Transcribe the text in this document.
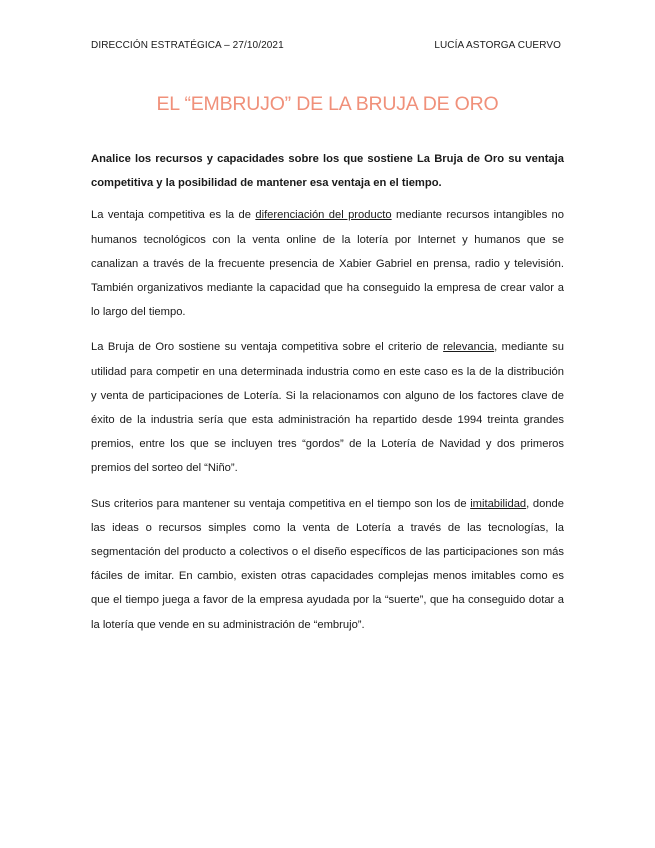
DIRECCIÓN ESTRATÉGICA – 27/10/2021	LUCÍA ASTORGA CUERVO
EL “EMBRUJO” DE LA BRUJA DE ORO

Analice los recursos y capacidades sobre los que sostiene La Bruja de Oro su ventaja competitiva y la posibilidad de mantener esa ventaja en el tiempo.

La ventaja competitiva es la de diferenciación del producto mediante recursos intangibles no humanos tecnológicos con la venta online de la lotería por Internet y humanos que se canalizan a través de la frecuente presencia de Xabier Gabriel en prensa, radio y televisión. También organizativos mediante la capacidad que ha conseguido la empresa de crear valor a lo largo del tiempo.

La Bruja de Oro sostiene su ventaja competitiva sobre el criterio de relevancia, mediante su utilidad para competir en una determinada industria como en este caso es la de la distribución y venta de participaciones de Lotería. Si la relacionamos con alguno de los factores clave de éxito de la industria sería que esta administración ha repartido desde 1994 treinta grandes premios, entre los que se incluyen tres “gordos” de la Lotería de Navidad y dos primeros premios del sorteo del “Niño”.

Sus criterios para mantener su ventaja competitiva en el tiempo son los de imitabilidad, donde las ideas o recursos simples como la venta de Lotería a través de las tecnologías, la segmentación del producto a colectivos o el diseño específicos de las participaciones son más fáciles de imitar. En cambio, existen otras capacidades complejas menos imitables como es que el tiempo juega a favor de la empresa ayudada por la “suerte”, que ha conseguido dotar a la lotería que vende en su administración de “embrujo”.
